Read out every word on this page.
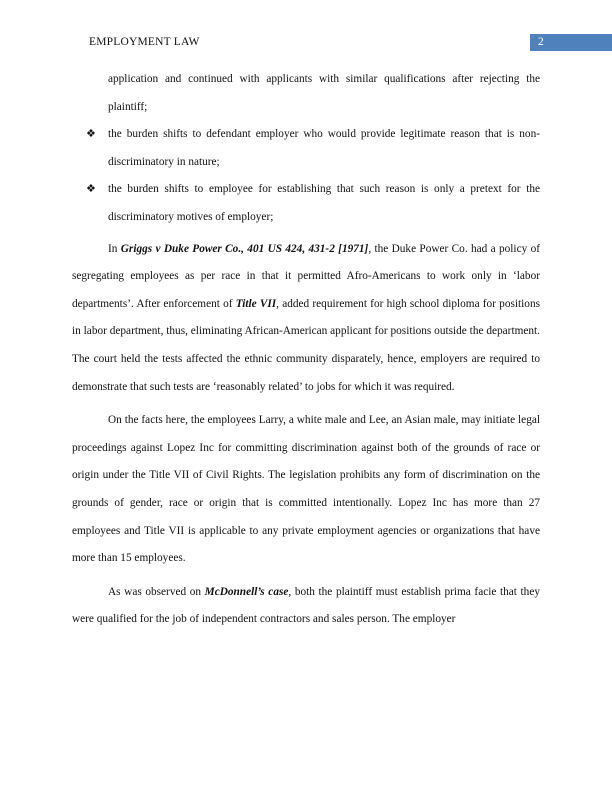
EMPLOYMENT LAW	2

application and continued with applicants with similar qualifications after rejecting the plaintiff;

❖ the burden shifts to defendant employer who would provide legitimate reason that is non-discriminatory in nature;
❖ the burden shifts to employee for establishing that such reason is only a pretext for the discriminatory motives of employer;

In Griggs v Duke Power Co., 401 US 424, 431-2 [1971], the Duke Power Co. had a policy of segregating employees as per race in that it permitted Afro-Americans to work only in ‘labor departments’. After enforcement of Title VII, added requirement for high school diploma for positions in labor department, thus, eliminating African-American applicant for positions outside the department. The court held the tests affected the ethnic community disparately, hence, employers are required to demonstrate that such tests are ‘reasonably related’ to jobs for which it was required.

On the facts here, the employees Larry, a white male and Lee, an Asian male, may initiate legal proceedings against Lopez Inc for committing discrimination against both of the grounds of race or origin under the Title VII of Civil Rights. The legislation prohibits any form of discrimination on the grounds of gender, race or origin that is committed intentionally. Lopez Inc has more than 27 employees and Title VII is applicable to any private employment agencies or organizations that have more than 15 employees.

As was observed on McDonnell’s case, both the plaintiff must establish prima facie that they were qualified for the job of independent contractors and sales person. The employer
